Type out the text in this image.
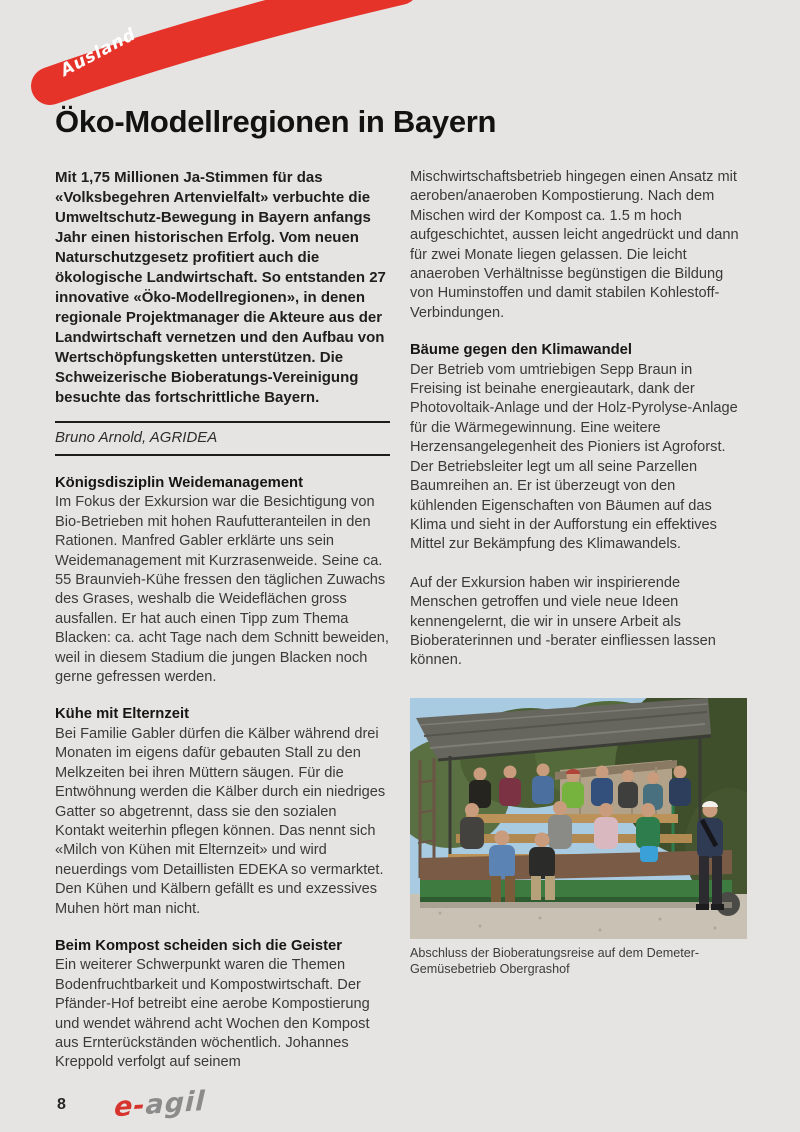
Ausland
Öko-Modellregionen in Bayern

Mit 1,75 Millionen Ja-Stimmen für das «Volksbegehren Artenvielfalt» verbuchte die Umweltschutz-Bewegung in Bayern anfangs Jahr einen historischen Erfolg. Vom neuen Naturschutzgesetz profitiert auch die ökologische Landwirtschaft. So entstanden 27 innovative «Öko-Modellregionen», in denen regionale Projektmanager die Akteure aus der Landwirtschaft vernetzen und den Aufbau von Wertschöpfungsketten unterstützen. Die Schweizerische Bioberatungs-Vereinigung besuchte das fortschrittliche Bayern.

Bruno Arnold, AGRIDEA

Königsdisziplin Weidemanagement

Im Fokus der Exkursion war die Besichtigung von Bio-Betrieben mit hohen Raufutteranteilen in den Rationen. Manfred Gabler erklärte uns sein Weidemanagement mit Kurzrasenweide. Seine ca. 55 Braunvieh-Kühe fressen den täglichen Zuwachs des Grases, weshalb die Weideflächen gross ausfallen. Er hat auch einen Tipp zum Thema Blacken: ca. acht Tage nach dem Schnitt beweiden, weil in diesem Stadium die jungen Blacken noch gerne gefressen werden.

Kühe mit Elternzeit

Bei Familie Gabler dürfen die Kälber während drei Monaten im eigens dafür gebauten Stall zu den Melkzeiten bei ihren Müttern säugen. Für die Entwöhnung werden die Kälber durch ein niedriges Gatter so abgetrennt, dass sie den sozialen Kontakt weiterhin pflegen können. Das nennt sich «Milch von Kühen mit Elternzeit» und wird neuerdings vom Detaillisten EDEKA so vermarktet. Den Kühen und Kälbern gefällt es und exzessives Muhen hört man nicht.

Beim Kompost scheiden sich die Geister

Ein weiterer Schwerpunkt waren die Themen Bodenfruchtbarkeit und Kompostwirtschaft. Der Pfänder-Hof betreibt eine aerobe Kompostierung und wendet während acht Wochen den Kompost aus Ernterückständen wöchentlich. Johannes Kreppold verfolgt auf seinem

Mischwirtschaftsbetrieb hingegen einen Ansatz mit aeroben/anaeroben Kompostierung. Nach dem Mischen wird der Kompost ca. 1.5 m hoch aufgeschichtet, aussen leicht angedrückt und dann für zwei Monate liegen gelassen. Die leicht anaeroben Verhältnisse begünstigen die Bildung von Huminstoffen und damit stabilen Kohlestoff-Verbindungen.

Bäume gegen den Klimawandel

Der Betrieb vom umtriebigen Sepp Braun in Freising ist beinahe energieautark, dank der Photovoltaik-Anlage und der Holz-Pyrolyse-Anlage für die Wärmegewinnung. Eine weitere Herzensangelegenheit des Pioniers ist Agroforst. Der Betriebsleiter legt um all seine Parzellen Baumreihen an. Er ist überzeugt von den kühlenden Eigenschaften von Bäumen auf das Klima und sieht in der Aufforstung ein effektives Mittel zur Bekämpfung des Klimawandels.

Auf der Exkursion haben wir inspirierende Menschen getroffen und viele neue Ideen kennengelernt, die wir in unsere Arbeit als Bioberaterinnen und -berater einfliessen lassen können.

Abschluss der Bioberatungsreise auf dem Demeter-Gemüsebetrieb Obergrashof
8 e-agil
